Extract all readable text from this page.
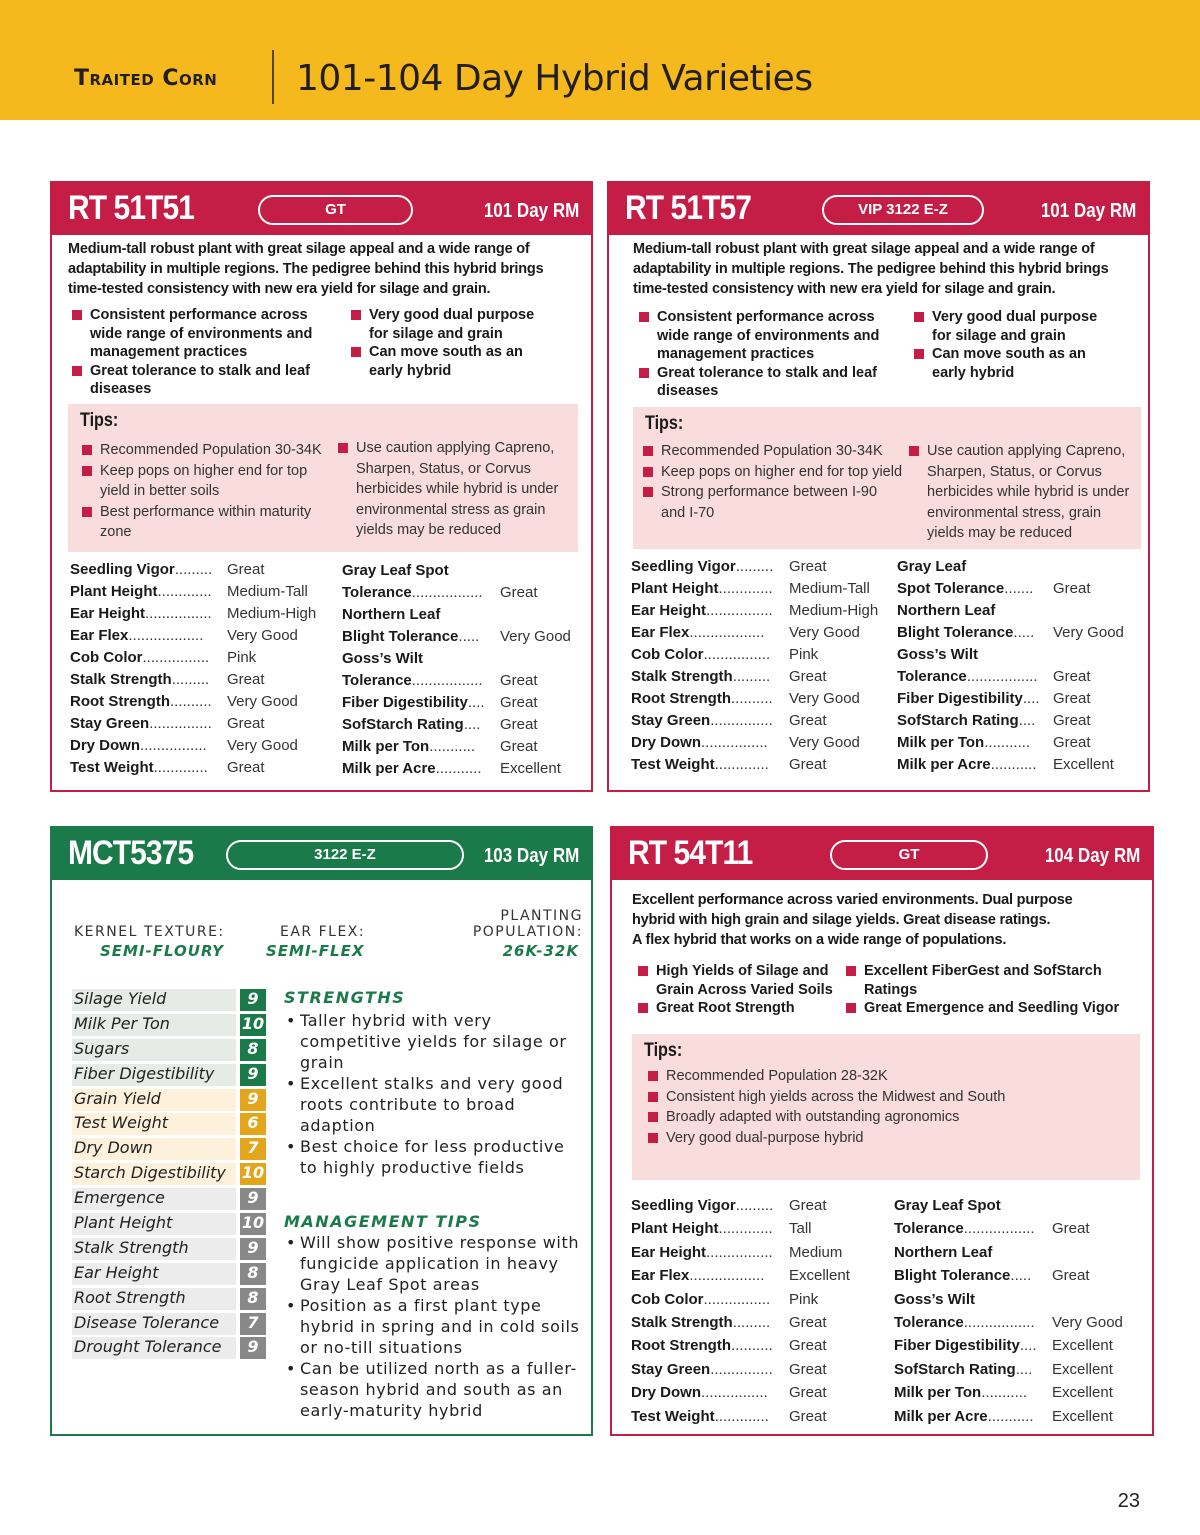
Traited Corn 101-104 Day Hybrid Varieties
RT 51T51	GT	101 Day RM
Medium-tall robust plant with great silage appeal and a wide range of
adaptability in multiple regions. The pedigree behind this hybrid brings
time-tested consistency with new era yield for silage and grain.
Consistent performance across wide range of environments and management practices
Great tolerance to stalk and leaf diseases
Very good dual purpose for silage and grain
Can move south as an early hybrid
Tips:
Recommended Population 30-34K
Keep pops on higher end for top yield in better soils
Best performance within maturity zone
Use caution applying Capreno, Sharpen, Status, or Corvus herbicides while hybrid is under environmental stress as grain yields may be reduced
Seedling Vigor ......... Great
Plant Height ............. Medium-Tall
Ear Height ................ Medium-High
Ear Flex .................. Very Good
Cob Color ................ Pink
Stalk Strength ......... Great
Root Strength .......... Very Good
Stay Green ............... Great
Dry Down ................ Very Good
Test Weight ............. Great
Gray Leaf Spot
Tolerance ................. Great
Northern Leaf
Blight Tolerance ..... Very Good
Goss’s Wilt
Tolerance ................. Great
Fiber Digestibility .... Great
SofStarch Rating .... Great
Milk per Ton ........... Great
Milk per Acre ........... Excellent
RT 51T57	VIP 3122 E-Z	101 Day RM
Medium-tall robust plant with great silage appeal and a wide range of
adaptability in multiple regions. The pedigree behind this hybrid brings
time-tested consistency with new era yield for silage and grain.
Consistent performance across wide range of environments and management practices
Great tolerance to stalk and leaf diseases
Very good dual purpose for silage and grain
Can move south as an early hybrid
Tips:
Recommended Population 30-34K
Keep pops on higher end for top yield
Strong performance between I-90 and I-70
Use caution applying Capreno, Sharpen, Status, or Corvus herbicides while hybrid is under environmental stress, grain yields may be reduced
Seedling Vigor ......... Great
Plant Height ............. Medium-Tall
Ear Height ................ Medium-High
Ear Flex .................. Very Good
Cob Color ................ Pink
Stalk Strength ......... Great
Root Strength .......... Very Good
Stay Green ............... Great
Dry Down ................ Very Good
Test Weight ............. Great
Gray Leaf
Spot Tolerance ....... Great
Northern Leaf
Blight Tolerance ..... Very Good
Goss’s Wilt
Tolerance ................. Great
Fiber Digestibility .... Great
SofStarch Rating .... Great
Milk per Ton ........... Great
Milk per Acre ........... Excellent
MCT5375	3122 E-Z	103 Day RM
KERNEL TEXTURE:
SEMI-FLOURY
EAR FLEX:
SEMI-FLEX
PLANTING
POPULATION:
26K-32K
Silage Yield	9
Milk Per Ton	10
Sugars	8
Fiber Digestibility	9
Grain Yield	9
Test Weight	6
Dry Down	7
Starch Digestibility 10
Emergence	9
Plant Height	10
Stalk Strength	9
Ear Height	8
Root Strength	8
Disease Tolerance	7
Drought Tolerance	9
STRENGTHS
• Taller hybrid with very competitive yields for silage or grain
• Excellent stalks and very good roots contribute to broad adaption
• Best choice for less productive to highly productive fields
MANAGEMENT TIPS
• Will show positive response with fungicide application in heavy Gray Leaf Spot areas
• Position as a first plant type hybrid in spring and in cold soils or no-till situations
• Can be utilized north as a fuller-season hybrid and south as an early-maturity hybrid
RT 54T11	GT	104 Day RM
Excellent performance across varied environments. Dual purpose
hybrid with high grain and silage yields. Great disease ratings.
A flex hybrid that works on a wide range of populations.
High Yields of Silage and Grain Across Varied Soils
Great Root Strength
Excellent FiberGest and SofStarch Ratings
Great Emergence and Seedling Vigor
Tips:
Recommended Population 28-32K
Consistent high yields across the Midwest and South
Broadly adapted with outstanding agronomics
Very good dual-purpose hybrid
Seedling Vigor ......... Great
Plant Height ............. Tall
Ear Height ................ Medium
Ear Flex .................. Excellent
Cob Color ................ Pink
Stalk Strength ......... Great
Root Strength .......... Great
Stay Green ............... Great
Dry Down ................ Great
Test Weight ............. Great
Gray Leaf Spot
Tolerance ................. Great
Northern Leaf
Blight Tolerance ..... Great
Goss’s Wilt
Tolerance ................. Very Good
Fiber Digestibility .... Excellent
SofStarch Rating .... Excellent
Milk per Ton ........... Excellent
Milk per Acre ........... Excellent
23
